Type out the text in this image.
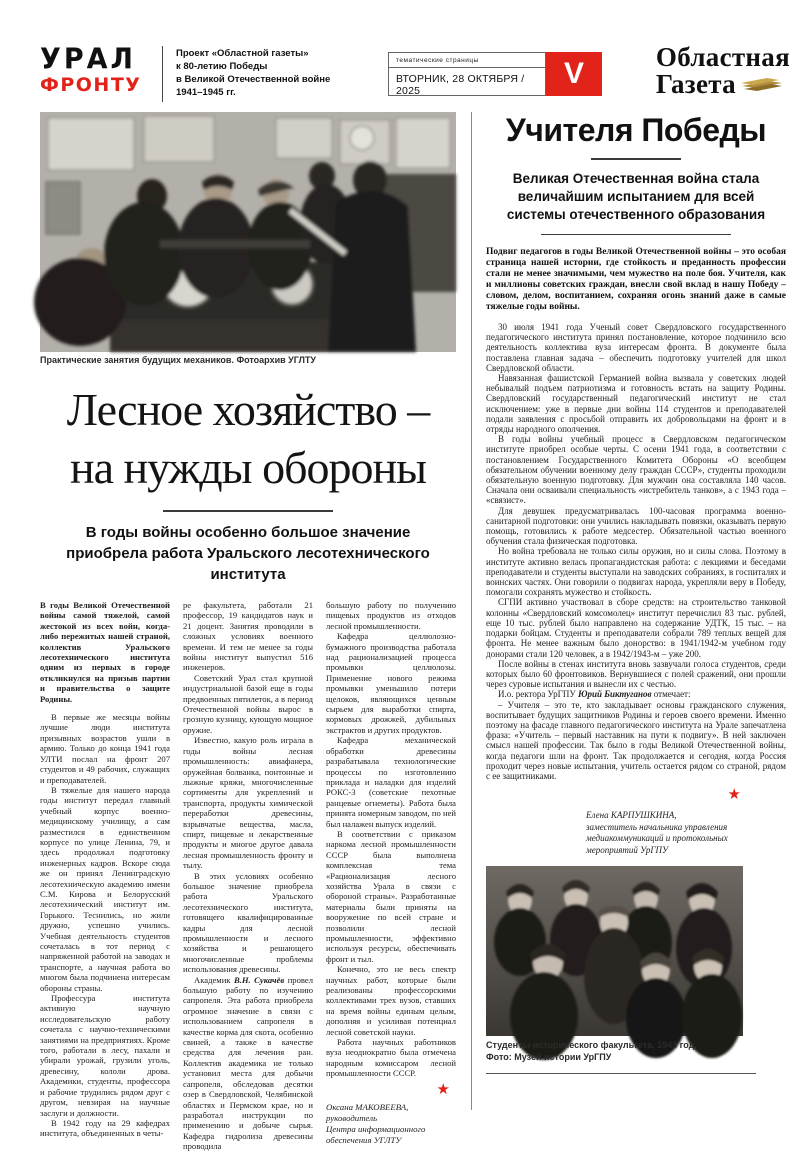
УРАЛ
ФРОНТУ
Проект «Областной газеты»
к 80-летию Победы
в Великой Отечественной войне
1941–1945 гг.
тематические страницы
ВТОРНИК, 28 ОКТЯБРЯ / 2025
V	Областная
Газета
Практические занятия будущих механиков. Фотоархив УГЛТУ
Лесное хозяйство –
на нужды обороны
В годы войны особенно большое значение приобрела работа Уральского лесотехнического института

В годы Великой Отечественной войны самой тяжелой, самой жестокой из всех войн, когда-либо пережитых нашей страной, коллектив Уральского лесотехнического института одним из первых в городе откликнулся на призыв партии и правительства о защите Родины.

В первые же месяцы войны лучшие люди института призывных возрастов ушли в армию. Только до конца 1941 года УЛТИ послал на фронт 207 студентов и 49 рабочих, служащих и преподавателей.

В тяжелые для нашего народа годы институт передал главный учебный корпус военно-медицинскому училищу, а сам разместился в единственном корпусе по улице Ленина, 79, и здесь продолжал подготовку инженерных кадров. Вскоре сюда же он принял Ленинградскую лесотехническую академию имени С.М. Кирова и Белорусский лесотехнический институт им. Горького. Теснились, но жили дружно, успешно учились. Учебная деятельность студентов сочеталась в тот период с напряженной работой на заводах и транспорте, а научная работа во многом была подчинена интересам обороны страны.

Профессура института активную научную исследовательскую работу сочетала с научно-техническими занятиями на предприятиях. Кроме того, работали в лесу, пахали и убирали урожай, грузили уголь, древесину, кололи дрова. Академики, студенты, профессора и рабочие трудились рядом друг с другом, невзирая на научные заслуги и должности.

В 1942 году на 29 кафедрах института, объединенных в четы-

ре факультета, работали 21 профессор, 19 кандидатов наук и 21 доцент. Занятия проводили в сложных условиях военного времени. И тем не менее за годы войны институт выпустил 516 инженеров.

Советский Урал стал крупной индустриальной базой еще в годы предвоенных пятилеток, а в период Отечественной войны вырос в грозную кузницу, кующую мощное оружие.

Известно, какую роль играла в годы войны лесная промышленность: авиафанера, оружейная болванка, понтонные и лыжные кряжи, многочисленные сортименты для укреплений и транспорта, продукты химической переработки древесины, взрывчатые вещества, масла, спирт, пищевые и лекарственные продукты и многое другое давала лесная промышленность фронту и тылу.

В этих условиях особенно большое значение приобрела работа Уральского лесотехнического института, готовящего квалифицированные кадры для лесной промышленности и лесного хозяйства и решающего многочисленные проблемы использования древесины.

Академик В.Н. Сукачёв провел большую работу по изучению сапропеля. Эта работа приобрела огромное значение в связи с использованием сапропеля в качестве корма для скота, особенно свиней, а также в качестве средства для лечения ран. Коллектив академика не только установил места для добычи сапропеля, обследовав десятки озер в Свердловской, Челябинской областях и Пермском крае, но и разработал инструкции по применению и добыче сырья. Кафедра гидролиза древесины проводила

большую работу по получению пищевых продуктов из отходов лесной промышленности.

Кафедра целлюлозно-бумажного производства работала над рационализацией процесса промывки целлюлозы. Применение нового режима промывки уменьшило потери щелоков, являющихся ценным сырьем для выработки спирта, кормовых дрожжей, дубильных экстрактов и других продуктов.

Кафедра механической обработки древесины разрабатывала технологические процессы по изготовлению приклада и наладки для изделий РОКС-3 (советские пехотные ранцевые огнеметы). Работа была принята номерным заводом, по ней был налажен выпуск изделий.

В соответствии с приказом наркома лесной промышленности СССР была выполнена комплексная тема «Рационализация лесного хозяйства Урала в связи с обороной страны». Разработанные материалы были приняты на вооружение по всей стране и позволили лесной промышленности, эффективно используя ресурсы, обеспечивать фронт и тыл.

Конечно, это не весь спектр научных работ, которые были реализованы профессорскими коллективами трех вузов, ставших на время войны единым целым, дополняя и усиливая потенциал лесной советской науки.

Работа научных работников вуза неоднократно была отмечена народным комиссаром лесной промышленности СССР.

★
Оксана МАКОВЕЕВА,
руководитель
Центра информационного
обеспечения УГЛТУ
Учителя Победы
Великая Отечественная война стала величайшим испытанием для всей системы отечественного образования
Подвиг педагогов в годы Великой Отечественной войны – это особая страница нашей истории, где стойкость и преданность профессии стали не менее значимыми, чем мужество на поле боя. Учителя, как и миллионы советских граждан, внесли свой вклад в нашу Победу – словом, делом, воспитанием, сохраняя огонь знаний даже в самые тяжелые годы войны.

30 июля 1941 года Ученый совет Свердловского государственного педагогического института принял постановление, которое подчинило всю деятельность коллектива вуза интересам фронта. В документе была поставлена главная задача – обеспечить подготовку учителей для школ Свердловской области.

Навязанная фашистской Германией война вызвала у советских людей небывалый подъем патриотизма и готовность встать на защиту Родины. Свердловский государственный педагогический институт не стал исключением: уже в первые дни войны 114 студентов и преподавателей подали заявления с просьбой отправить их добровольцами на фронт и в отряды народного ополчения.

В годы войны учебный процесс в Свердловском педагогическом институте приобрел особые черты. С осени 1941 года, в соответствии с постановлением Государственного Комитета Обороны «О всеобщем обязательном обучении военному делу граждан СССР», студенты проходили обязательную военную подготовку. Для мужчин она составляла 140 часов. Сначала они осваивали специальность «истребитель танков», а с 1943 года – «связист».

Для девушек предусматривалась 100-часовая программа военно-санитарной подготовки: они учились накладывать повязки, оказывать первую помощь, готовились к работе медсестер. Обязательной частью военного обучения стала физическая подготовка.

Но война требовала не только силы оружия, но и силы слова. Поэтому в институте активно велась пропагандистская работа: с лекциями и беседами преподаватели и студенты выступали на заводских собраниях, в госпиталях и воинских частях. Они говорили о подвигах народа, укрепляли веру в Победу, помогали сохранять мужество и стойкость.

СГПИ активно участвовал в сборе средств: на строительство танковой колонны «Свердловский комсомолец» институт перечислил 83 тыс. рублей, еще 10 тыс. рублей было направлено на содержание УДТК, 15 тыс. – на подарки бойцам. Студенты и преподаватели собрали 789 теплых вещей для фронта. Не менее важным было донорство: в 1941/1942-м учебном году донорами стали 120 человек, а в 1942/1943-м – уже 200.

После войны в стенах института вновь зазвучали голоса студентов, среди которых было 60 фронтовиков. Вернувшиеся с полей сражений, они прошли через суровые испытания и вынесли их с честью.

И.о. ректора УрГПУ Юрий Биктуганов отмечает:

– Учителя – это те, кто закладывает основы гражданского служения, воспитывает будущих защитников Родины и героев своего времени. Именно поэтому на фасаде главного педагогического института на Урале запечатлена фраза: «Учитель – первый наставник на пути к подвигу». В ней заключен смысл нашей профессии. Так было в годы Великой Отечественной войны, когда педагоги шли на фронт. Так продолжается и сегодня, когда Россия проходит через новые испытания, учитель остается рядом со страной, рядом с ее защитниками.

★
Елена КАРПУШКИНА,
заместитель начальника управления
медиакоммуникаций и протокольных
мероприятий УрГПУ
Студенты исторического факультета, 1943 год.
Фото: Музей истории УрГПУ
